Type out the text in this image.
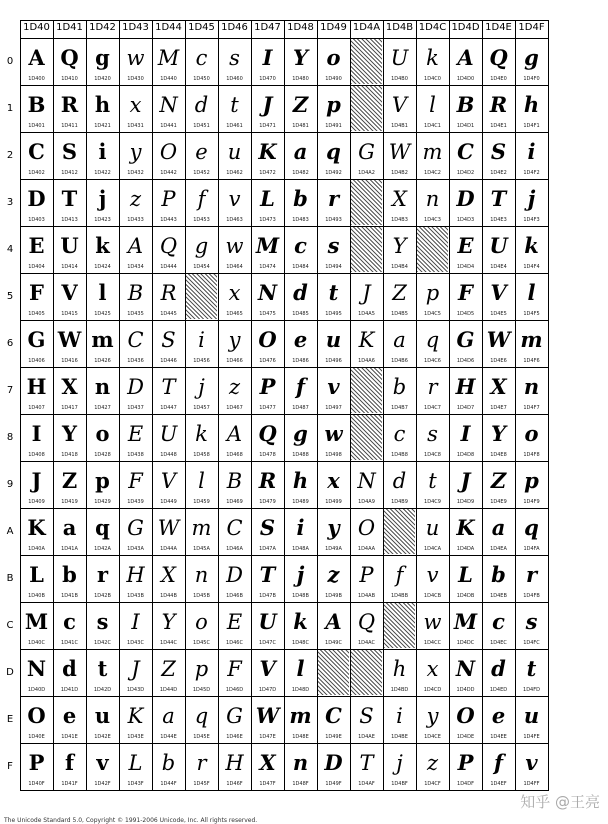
1D40 1D41 1D42 1D43 1D44 1D45 1D46 1D47 1D48 1D49 1D4A 1D4B 1D4C 1D4D 1D4E 1D4F
0
1
2
3
4
5
6
7
8
9
A
B
C
D
E
F
A
1D400
Q
1D410
g
1D420
w
1D430
M
1D440
c
1D450
s
1D460
I
1D470
Y
1D480
o
1D490
U
1D4B0
k
1D4C0
A
1D4D0
Q
1D4E0
g
1D4F0
B
1D401
R
1D411
h
1D421
x
1D431
N
1D441
d
1D451
t
1D461
J
1D471
Z
1D481
p
1D491
V
1D4B1
l
1D4C1
B
1D4D1
R
1D4E1
h
1D4F1
C
1D402
S
1D412
i
1D422
y
1D432
O
1D442
e
1D452
u
1D462
K
1D472
a
1D482
q
1D492
G
1D4A2
W
1D4B2
m
1D4C2
C
1D4D2
S
1D4E2
i
1D4F2
D
1D403
T
1D413
j
1D423
z
1D433
P
1D443
f
1D453
v
1D463
L
1D473
b
1D483
r
1D493
X
1D4B3
n
1D4C3
D
1D4D3
T
1D4E3
j
1D4F3
E
1D404
U
1D414
k
1D424
A
1D434
Q
1D444
g
1D454
w
1D464
M
1D474
c
1D484
s
1D494
Y
1D4B4
E
1D4D4
U
1D4E4
k
1D4F4
F
1D405
V
1D415
l
1D425
B
1D435
R
1D445
x
1D465
N
1D475
d
1D485
t
1D495
J
1D4A5
Z
1D4B5
p
1D4C5
F
1D4D5
V
1D4E5
l
1D4F5
G
1D406
W
1D416
m
1D426
C
1D436
S
1D446
i
1D456
y
1D466
O
1D476
e
1D486
u
1D496
K
1D4A6
a
1D4B6
q
1D4C6
G
1D4D6
W
1D4E6
m
1D4F6
H
1D407
X
1D417
n
1D427
D
1D437
T
1D447
j
1D457
z
1D467
P
1D477
f
1D487
v
1D497
b
1D4B7
r
1D4C7
H
1D4D7
X
1D4E7
n
1D4F7
I
1D408
Y
1D418
o
1D428
E
1D438
U
1D448
k
1D458
A
1D468
Q
1D478
g
1D488
w
1D498
c
1D4B8
s
1D4C8
I
1D4D8
Y
1D4E8
o
1D4F8
J
1D409
Z
1D419
p
1D429
F
1D439
V
1D449
l
1D459
B
1D469
R
1D479
h
1D489
x
1D499
N
1D4A9
d
1D4B9
t
1D4C9
J
1D4D9
Z
1D4E9
p
1D4F9
K
1D40A
a
1D41A
q
1D42A
G
1D43A
W
1D44A
m
1D45A
C
1D46A
S
1D47A
i
1D48A
y
1D49A
O
1D4AA
u
1D4CA
K
1D4DA
a
1D4EA
q
1D4FA
L
1D40B
b
1D41B
r
1D42B
H
1D43B
X
1D44B
n
1D45B
D
1D46B
T
1D47B
j
1D48B
z
1D49B
P
1D4AB
f
1D4BB
v
1D4CB
L
1D4DB
b
1D4EB
r
1D4FB
M
1D40C
c
1D41C
s
1D42C
I
1D43C
Y
1D44C
o
1D45C
E
1D46C
U
1D47C
k
1D48C
A
1D49C
Q
1D4AC
w
1D4CC
M
1D4DC
c
1D4EC
s
1D4FC
N
1D40D
d
1D41D
t
1D42D
J
1D43D
Z
1D44D
p
1D45D
F
1D46D
V
1D47D
l
1D48D
h
1D4BD
x
1D4CD
N
1D4DD
d
1D4ED
t
1D4FD
O
1D40E
e
1D41E
u
1D42E
K
1D43E
a
1D44E
q
1D45E
G
1D46E
W
1D47E
m
1D48E
C
1D49E
S
1D4AE
i
1D4BE
y
1D4CE
O
1D4DE
e
1D4EE
u
1D4FE
P
1D40F
f
1D41F
v
1D42F
L
1D43F
b
1D44F
r
1D45F
H
1D46F
X
1D47F
n
1D48F
D
1D49F
T
1D4AF
j
1D4BF
z
1D4CF
P
1D4DF
f
1D4EF
v
1D4FF
The Unicode Standard 5.0, Copyright © 1991-2006 Unicode, Inc. All rights reserved.
知乎 @王亮
